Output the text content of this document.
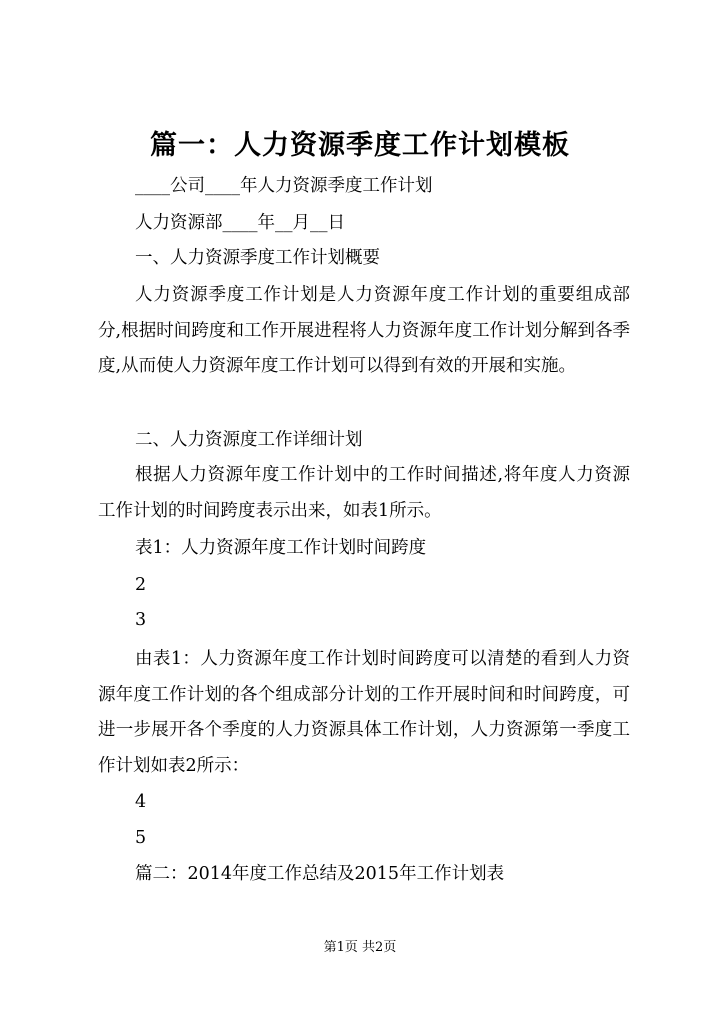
篇一：人力资源季度工作计划模板
____公司____年人力资源季度工作计划
人力资源部____年__月__日
一、人力资源季度工作计划概要
人力资源季度工作计划是人力资源年度工作计划的重要组成部分,根据时间跨度和工作开展进程将人力资源年度工作计划分解到各季度,从而使人力资源年度工作计划可以得到有效的开展和实施。
二、人力资源度工作详细计划
根据人力资源年度工作计划中的工作时间描述,将年度人力资源工作计划的时间跨度表示出来，如表1所示。
表1：人力资源年度工作计划时间跨度
2
3
由表1：人力资源年度工作计划时间跨度可以清楚的看到人力资源年度工作计划的各个组成部分计划的工作开展时间和时间跨度，可进一步展开各个季度的人力资源具体工作计划，人力资源第一季度工作计划如表2所示：
4
5
篇二：2014年度工作总结及2015年工作计划表
第1页 共2页
